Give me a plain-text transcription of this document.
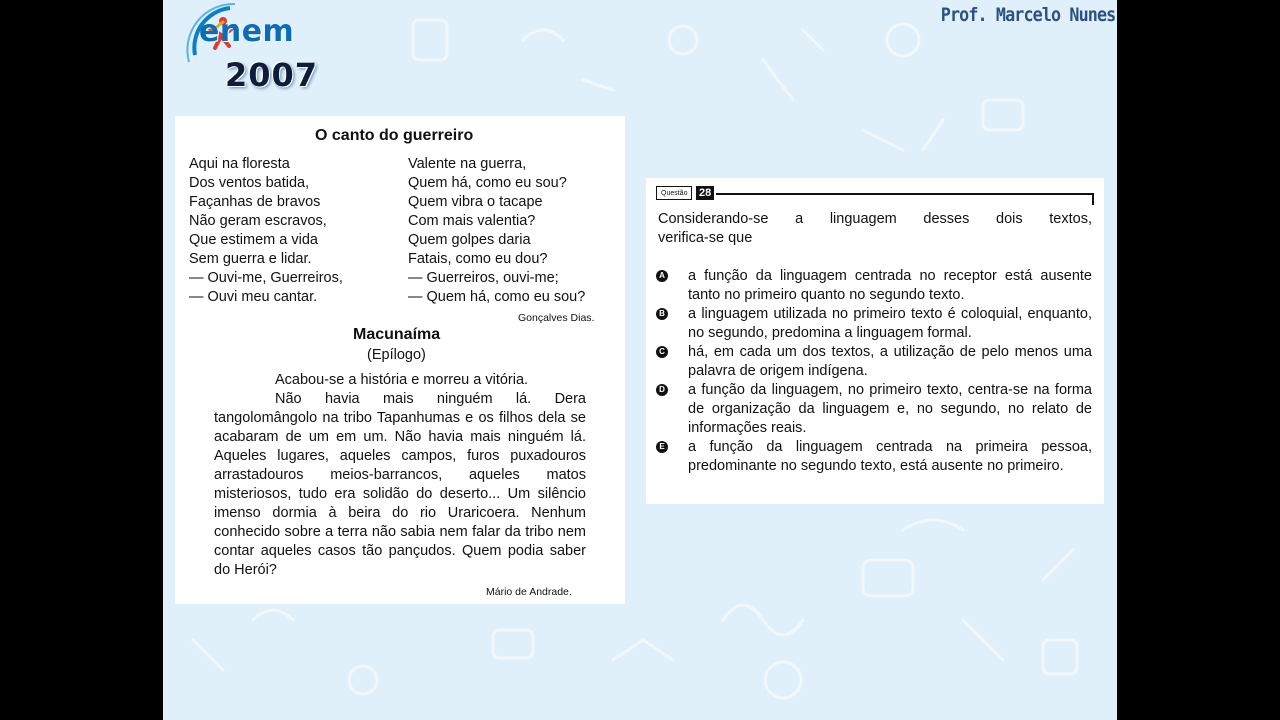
enem
2007
Prof. Marcelo Nunes
O canto do guerreiro
Aqui na floresta
Dos ventos batida,
Façanhas de bravos
Não geram escravos,
Que estimem a vida
Sem guerra e lidar.
— Ouvi-me, Guerreiros,
— Ouvi meu cantar.
Valente na guerra,
Quem há, como eu sou?
Quem vibra o tacape
Com mais valentia?
Quem golpes daria
Fatais, como eu dou?
— Guerreiros, ouvi-me;
— Quem há, como eu sou?
Gonçalves Dias.
Macunaíma
(Epílogo)

Acabou-se a história e morreu a vitória.

Não havia mais ninguém lá. Dera tangolomângolo na tribo Tapanhumas e os filhos dela se acabaram de um em um. Não havia mais ninguém lá. Aqueles lugares, aqueles campos, furos puxadouros arrastadouros meios-barrancos, aqueles matos misteriosos, tudo era solidão do deserto... Um silêncio imenso dormia à beira do rio Uraricoera. Nenhum conhecido sobre a terra não sabia nem falar da tribo nem contar aqueles casos tão pançudos. Quem podia saber do Herói?

Mário de Andrade.
Questão	28
Considerando-se a linguagem desses dois textos,
verifica-se que
A a função da linguagem centrada no receptor está ausente tanto no primeiro quanto no segundo texto.
B a linguagem utilizada no primeiro texto é coloquial, enquanto, no segundo, predomina a linguagem formal.
C há, em cada um dos textos, a utilização de pelo menos uma palavra de origem indígena.
D a função da linguagem, no primeiro texto, centra-se na forma de organização da linguagem e, no segundo, no relato de informações reais.
E a função da linguagem centrada na primeira pessoa, predominante no segundo texto, está ausente no primeiro.
